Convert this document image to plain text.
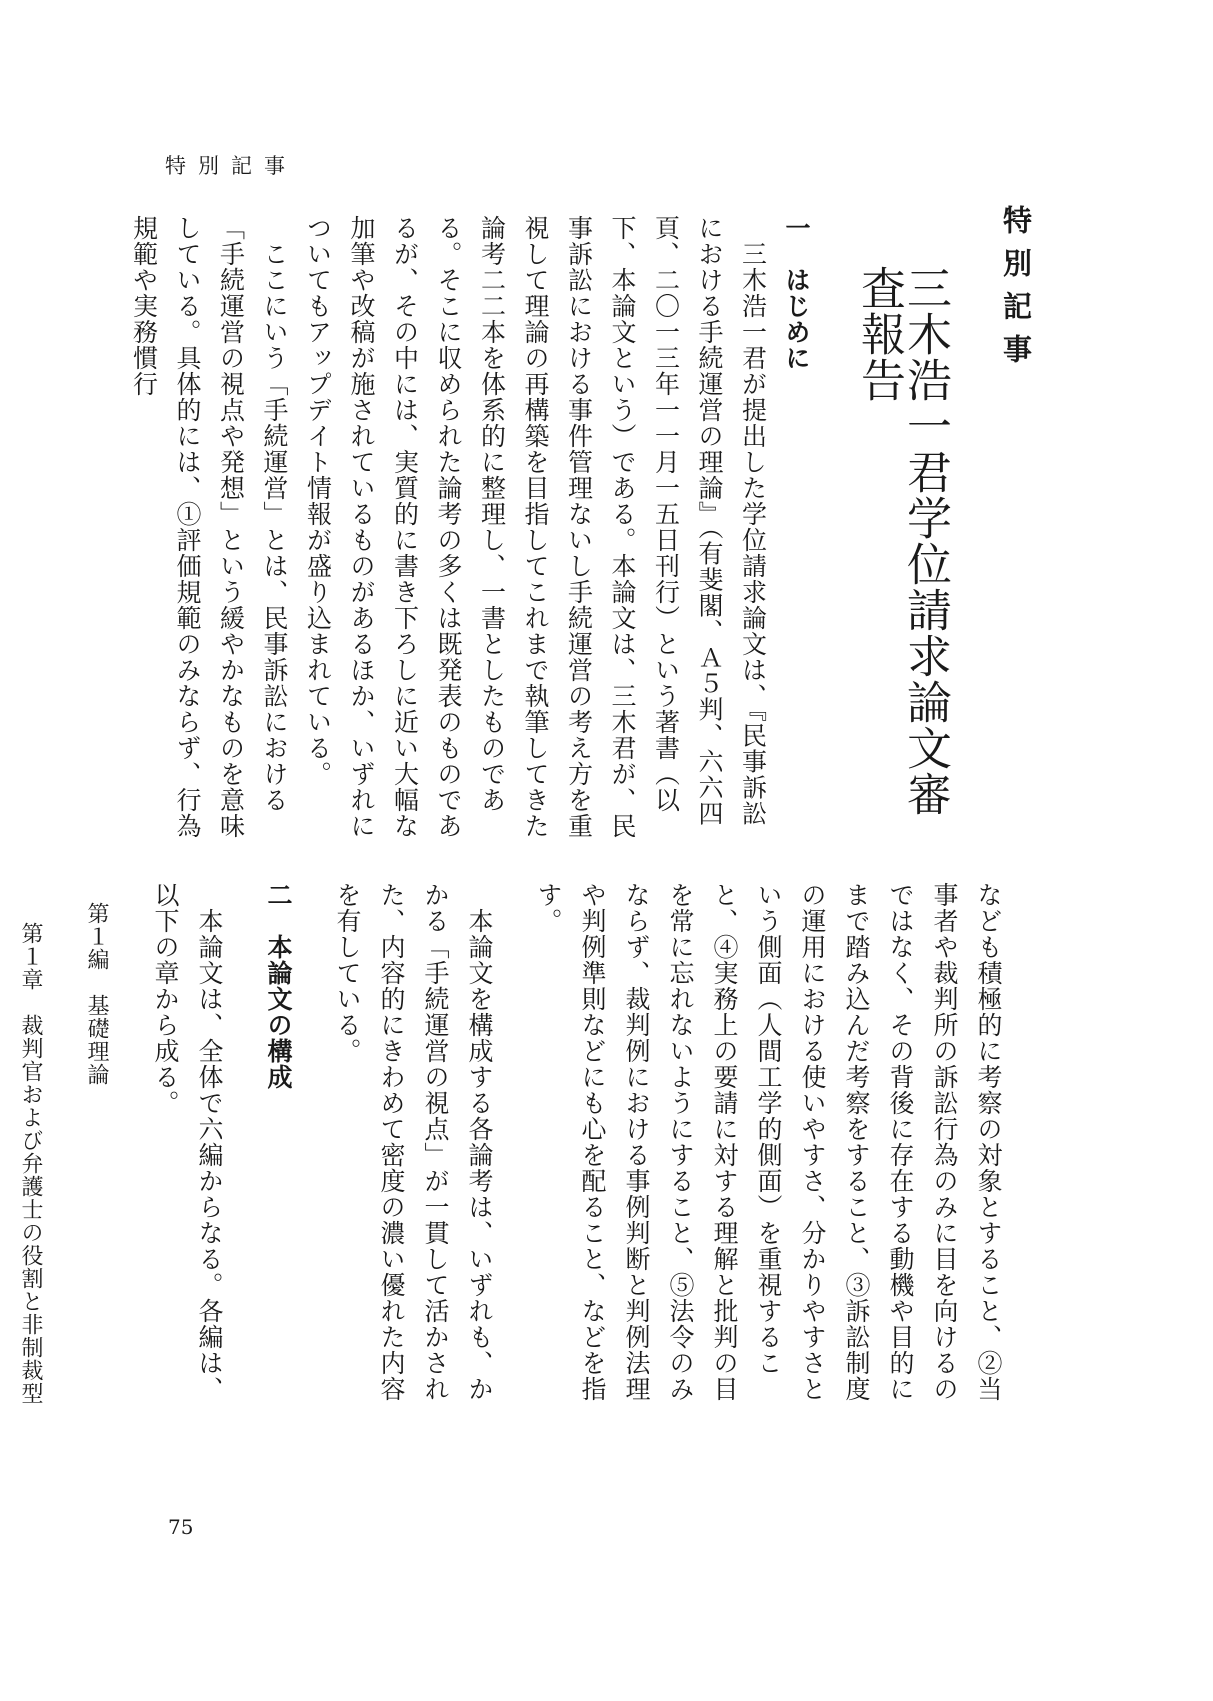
特別記事
特別記事
三木浩一君学位請求論文審査報告

一　はじめに

　三木浩一君が提出した学位請求論文は、『民事訴訟における手続運営の理論』（有斐閣、Ａ５判、六六四頁、二〇一三年一一月一五日刊行）という著書（以下、本論文という）である。本論文は、三木君が、民事訴訟における事件管理ないし手続運営の考え方を重視して理論の再構築を目指してこれまで執筆してきた論考二二本を体系的に整理し、一書としたものである。そこに収められた論考の多くは既発表のものであるが、その中には、実質的に書き下ろしに近い大幅な加筆や改稿が施されているものがあるほか、いずれについてもアップデイト情報が盛り込まれている。

　ここにいう「手続運営」とは、民事訴訟における「手続運営の視点や発想」という緩やかなものを意味している。具体的には、①評価規範のみならず、行為規範や実務慣行

なども積極的に考察の対象とすること、②当事者や裁判所の訴訟行為のみに目を向けるのではなく、その背後に存在する動機や目的にまで踏み込んだ考察をすること、③訴訟制度の運用における使いやすさ、分かりやすさという側面（人間工学的側面）を重視すること、④実務上の要請に対する理解と批判の目を常に忘れないようにすること、⑤法令のみならず、裁判例における事例判断と判例法理や判例準則などにも心を配ること、などを指す。

　本論文を構成する各論考は、いずれも、かかる「手続運営の視点」が一貫して活かされた、内容的にきわめて密度の濃い優れた内容を有している。

二　本論文の構成

　本論文は、全体で六編からなる。各編は、以下の章から成る。

第１編　基礎理論

第１章　裁判官および弁護士の役割と非制裁型

75
